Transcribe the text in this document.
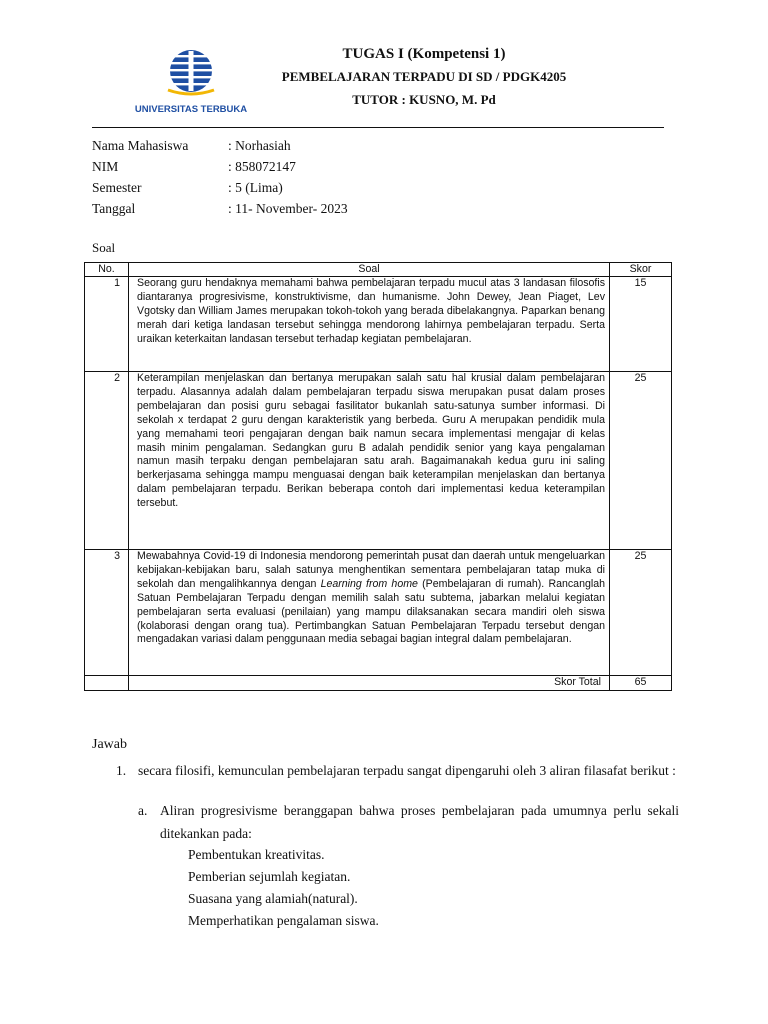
UNIVERSITAS TERBUKA
TUGAS I (Kompetensi 1)
PEMBELAJARAN TERPADU DI SD / PDGK4205
TUTOR : KUSNO, M. Pd
Nama Mahasiswa	: Norhasiah
NIM	: 858072147
Semester	: 5 (Lima)
Tanggal	: 11- November- 2023
Soal
No.	Soal	Skor
1	Seorang guru hendaknya memahami bahwa pembelajaran terpadu mucul atas 3 landasan filosofis diantaranya progresivisme, konstruktivisme, dan humanisme. John Dewey, Jean Piaget, Lev Vgotsky dan William James merupakan tokoh-tokoh yang berada dibelakangnya. Paparkan benang merah dari ketiga landasan tersebut sehingga mendorong lahirnya pembelajaran terpadu. Serta uraikan keterkaitan landasan tersebut terhadap kegiatan pembelajaran.	15
2	Keterampilan menjelaskan dan bertanya merupakan salah satu hal krusial dalam pembelajaran terpadu. Alasannya adalah dalam pembelajaran terpadu siswa merupakan pusat dalam proses pembelajaran dan posisi guru sebagai fasilitator bukanlah satu-satunya sumber informasi. Di sekolah x terdapat 2 guru dengan karakteristik yang berbeda. Guru A merupakan pendidik mula yang memahami teori pengajaran dengan baik namun secara implementasi mengajar di kelas masih minim pengalaman. Sedangkan guru B adalah pendidik senior yang kaya pengalaman namun masih terpaku dengan pembelajaran satu arah. Bagaimanakah kedua guru ini saling berkerjasama sehingga mampu menguasai dengan baik keterampilan menjelaskan dan bertanya dalam pembelajaran terpadu. Berikan beberapa contoh dari implementasi kedua keterampilan tersebut.	25
3	Mewabahnya Covid-19 di Indonesia mendorong pemerintah pusat dan daerah untuk mengeluarkan kebijakan-kebijakan baru, salah satunya menghentikan sementara pembelajaran tatap muka di sekolah dan mengalihkannya dengan Learning from home (Pembelajaran di rumah). Rancanglah Satuan Pembelajaran Terpadu dengan memilih salah satu subtema, jabarkan melalui kegiatan pembelajaran serta evaluasi (penilaian) yang mampu dilaksanakan secara mandiri oleh siswa (kolaborasi dengan orang tua). Pertimbangkan Satuan Pembelajaran Terpadu tersebut dengan mengadakan variasi dalam penggunaan media sebagai bagian integral dalam pembelajaran.	25
	Skor Total	65
Jawab
1. secara filosifi, kemunculan pembelajaran terpadu sangat dipengaruhi oleh 3 aliran filasafat berikut :
a. Aliran progresivisme beranggapan bahwa proses pembelajaran pada umumnya perlu sekali ditekankan pada:
Pembentukan kreativitas.
Pemberian sejumlah kegiatan.
Suasana yang alamiah(natural).
Memperhatikan pengalaman siswa.
